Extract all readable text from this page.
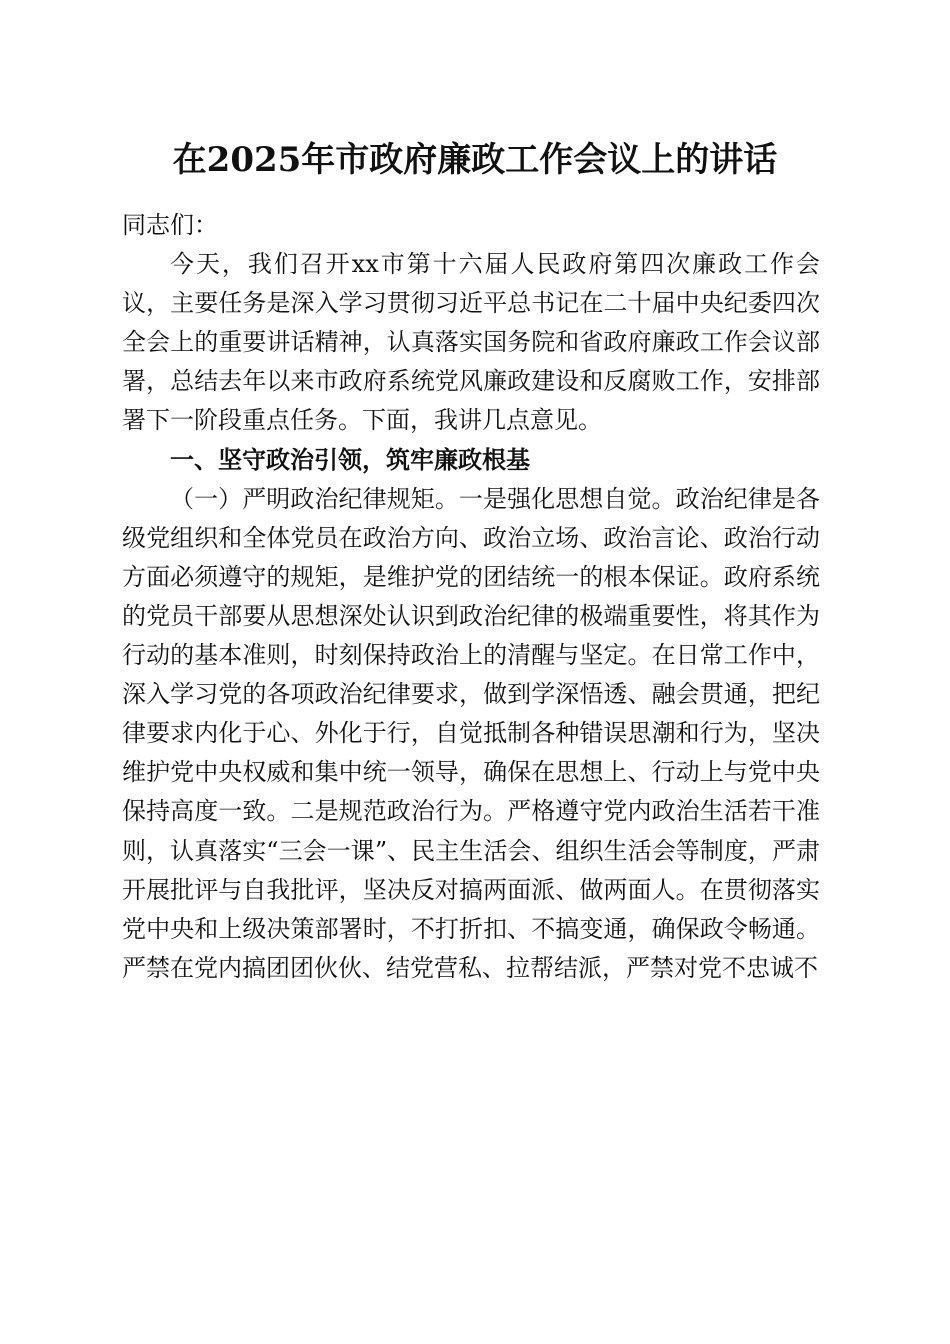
在2025年市政府廉政工作会议上的讲话

同志们：

今天，我们召开xx市第十六届人民政府第四次廉政工作会议，主要任务是深入学习贯彻习近平总书记在二十届中央纪委四次全会上的重要讲话精神，认真落实国务院和省政府廉政工作会议部署，总结去年以来市政府系统党风廉政建设和反腐败工作，安排部署下一阶段重点任务。下面，我讲几点意见。

一、坚守政治引领，筑牢廉政根基

（一）严明政治纪律规矩。一是强化思想自觉。政治纪律是各级党组织和全体党员在政治方向、政治立场、政治言论、政治行动方面必须遵守的规矩，是维护党的团结统一的根本保证。政府系统的党员干部要从思想深处认识到政治纪律的极端重要性，将其作为行动的基本准则，时刻保持政治上的清醒与坚定。在日常工作中，深入学习党的各项政治纪律要求，做到学深悟透、融会贯通，把纪律要求内化于心、外化于行，自觉抵制各种错误思潮和行为，坚决维护党中央权威和集中统一领导，确保在思想上、行动上与党中央保持高度一致。二是规范政治行为。严格遵守党内政治生活若干准则，认真落实“三会一课”、民主生活会、组织生活会等制度，严肃开展批评与自我批评，坚决反对搞两面派、做两面人。在贯彻落实党中央和上级决策部署时，不打折扣、不搞变通，确保政令畅通。严禁在党内搞团团伙伙、结党营私、拉帮结派，严禁对党不忠诚不
